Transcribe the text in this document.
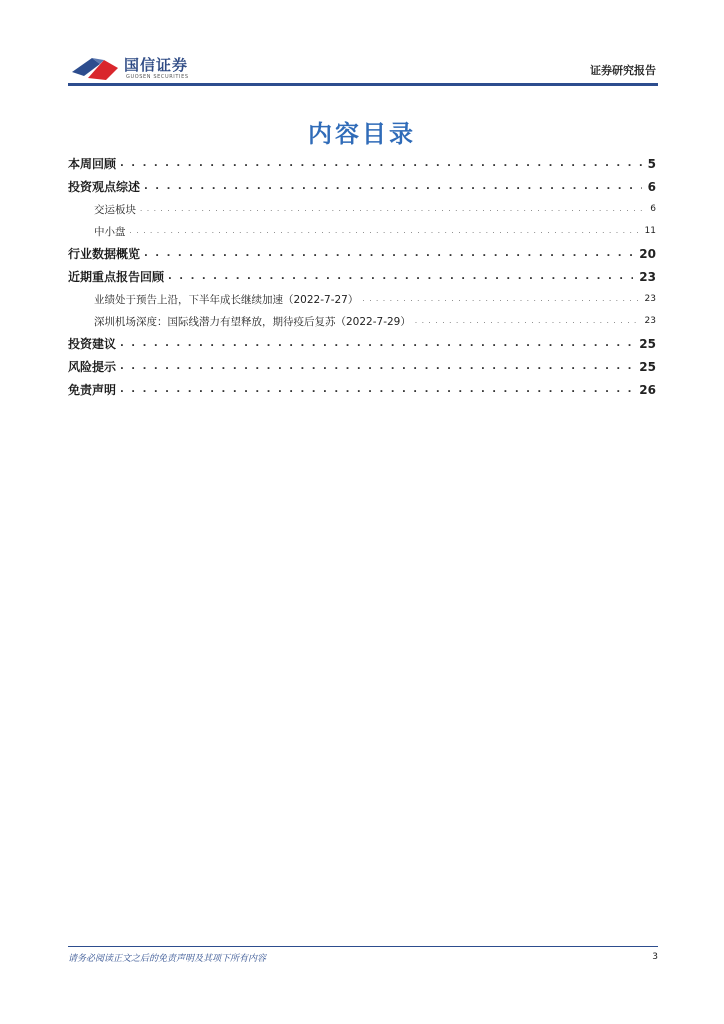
国信证券
GUOSEN SECURITIES	证券研究报告
内容目录
本周回顾 . . .	5
投资观点综述 . . .	6
交运板块 . . .	6
中小盘 . . .	11
行业数据概览 . . .	20
近期重点报告回顾 . . .	23
业绩处于预告上沿，下半年成长继续加速（2022-7-27） . . .	23
深圳机场深度：国际线潜力有望释放，期待疫后复苏（2022-7-29） . . .	23
投资建议 . . .	25
风险提示 . . .	25
免责声明 . . .	26
请务必阅读正文之后的免责声明及其项下所有内容	3
